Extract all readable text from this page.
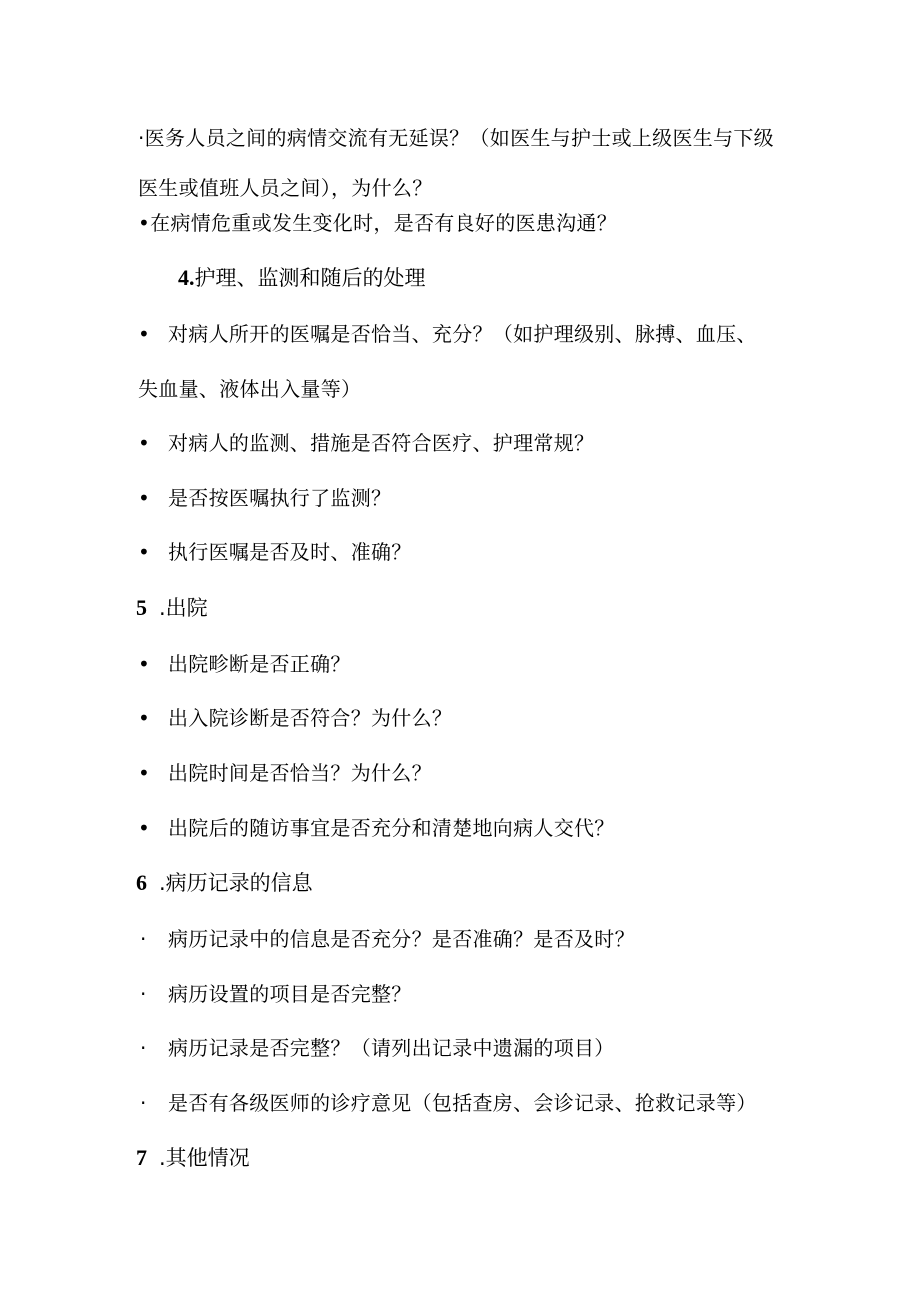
·医务人员之间的病情交流有无延误？（如医生与护士或上级医生与下级
医生或值班人员之间），为什么？
•在病情危重或发生变化时，是否有良好的医患沟通？
4.护理、监测和随后的处理
• 对病人所开的医嘱是否恰当、充分？（如护理级别、脉搏、血压、
失血量、液体出入量等）
• 对病人的监测、措施是否符合医疗、护理常规？
• 是否按医嘱执行了监测？
• 执行医嘱是否及时、准确？
5 .出院
• 出院畛断是否正确？
• 出入院诊断是否符合？为什么？
• 出院时间是否恰当？为什么？
• 出院后的随访事宜是否充分和清楚地向病人交代？
6 .病历记录的信息
· 病历记录中的信息是否充分？是否准确？是否及时？
· 病历设置的项目是否完整？
· 病历记录是否完整？（请列出记录中遗漏的项目）
· 是否有各级医师的诊疗意见（包括查房、会诊记录、抢救记录等）
7 .其他情况
